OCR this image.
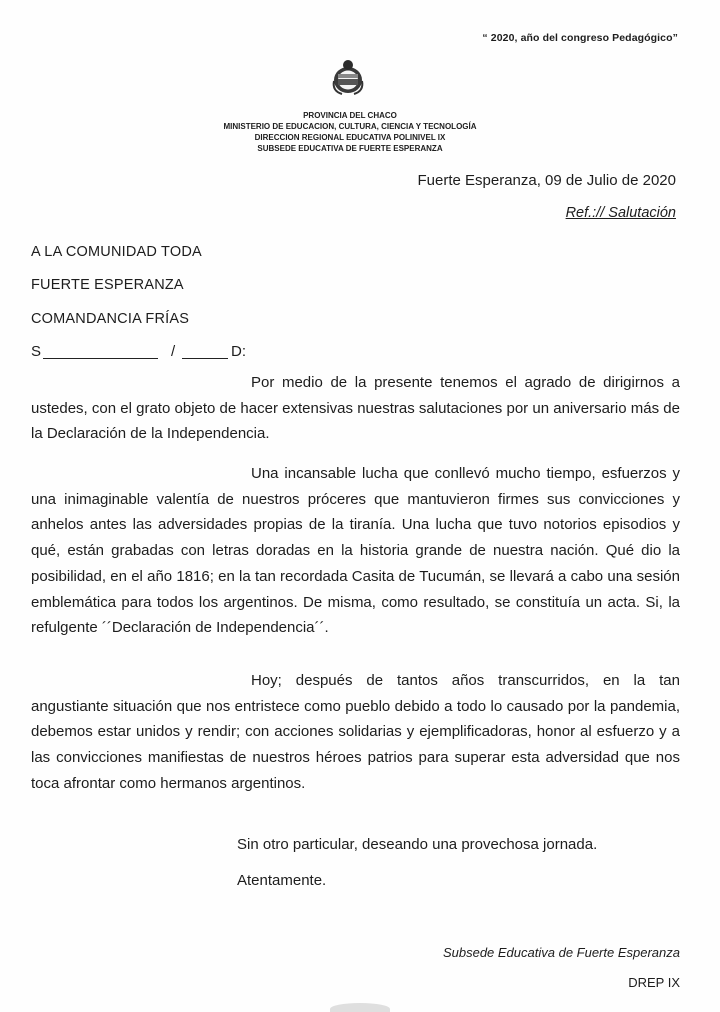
“ 2020, año del congreso Pedagógico”
PROVINCIA DEL CHACO
MINISTERIO DE EDUCACION, CULTURA, CIENCIA Y TECNOLOGÍA
DIRECCION REGIONAL EDUCATIVA POLINIVEL IX
SUBSEDE EDUCATIVA DE FUERTE ESPERANZA
Fuerte Esperanza, 09 de Julio de 2020
Ref.:// Salutación
A LA COMUNIDAD TODA
FUERTE ESPERANZA
COMANDANCIA FRÍAS
S	/	D:
Por medio de la presente tenemos el agrado de dirigirnos a ustedes, con el grato objeto de hacer extensivas nuestras salutaciones por un aniversario más de la Declaración de la Independencia.
Una incansable lucha que conllevó mucho tiempo, esfuerzos y una inimaginable valentía de nuestros próceres que mantuvieron firmes sus convicciones y anhelos antes las adversidades propias de la tiranía. Una lucha que tuvo notorios episodios y qué, están grabadas con letras doradas en la historia grande de nuestra nación. Qué dio la posibilidad, en el año 1816; en la tan recordada Casita de Tucumán, se llevará a cabo una sesión emblemática para todos los argentinos. De misma, como resultado, se constituía un acta. Si, la refulgente ´´Declaración de Independencia´´.
Hoy; después de tantos años transcurridos, en la tan angustiante situación que nos entristece como pueblo debido a todo lo causado por la pandemia, debemos estar unidos y rendir; con acciones solidarias y ejemplificadoras, honor al esfuerzo y a las convicciones manifiestas de nuestros héroes patrios para superar esta adversidad que nos toca afrontar como hermanos argentinos.
Sin otro particular, deseando una provechosa jornada.
Atentamente.
Subsede Educativa de Fuerte Esperanza
DREP IX
